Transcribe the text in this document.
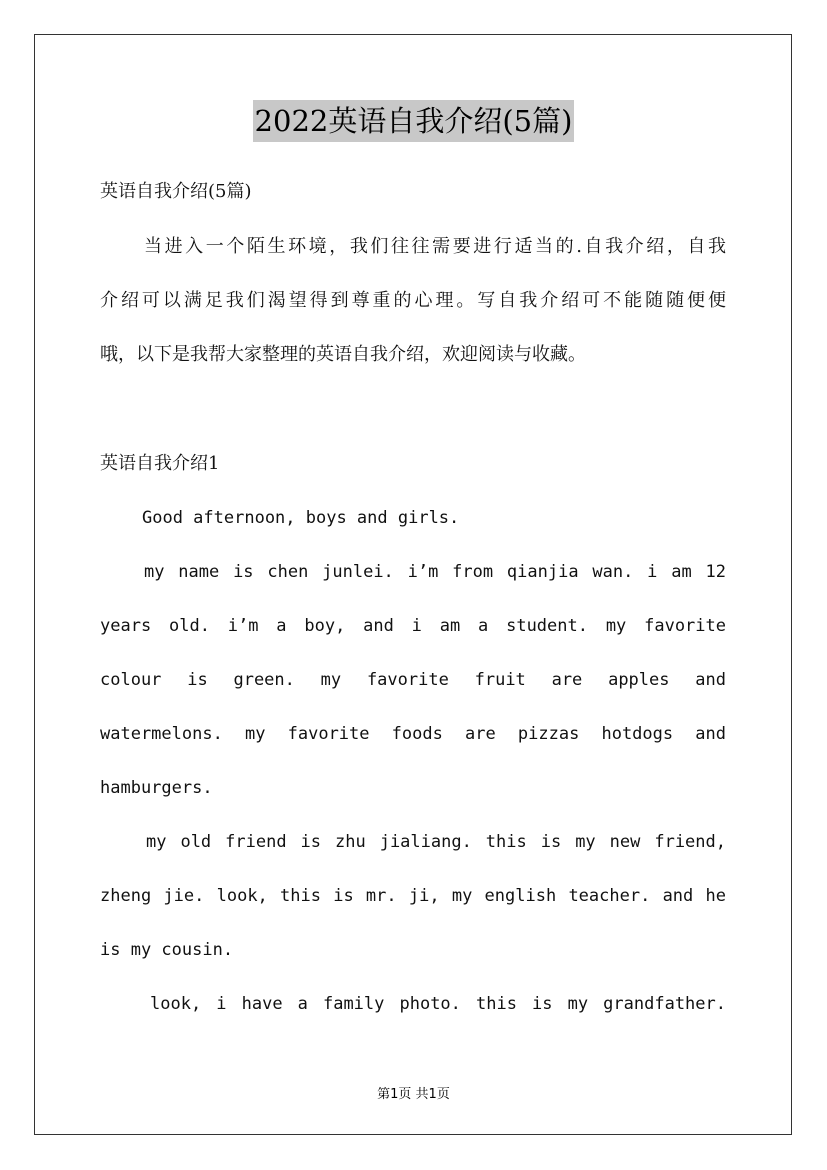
2022英语自我介绍(5篇)
英语自我介绍(5篇)
当进入一个陌生环境，我们往往需要进行适当的.自我介绍，自我
介绍可以满足我们渴望得到尊重的心理。写自我介绍可不能随随便便
哦，以下是我帮大家整理的英语自我介绍，欢迎阅读与收藏。
英语自我介绍1
Good afternoon, boys and girls.
my name is chen junlei. i’m from qianjia wan. i am 12
years old. i’m a boy, and i am a student. my favorite
colour is green. my favorite fruit are apples and
watermelons. my favorite foods are pizzas hotdogs and
hamburgers.
my old friend is zhu jialiang. this is my new friend,
zheng jie. look, this is mr. ji, my english teacher. and he
is my cousin.
look, i have a family photo. this is my grandfather.
第1页 共1页
